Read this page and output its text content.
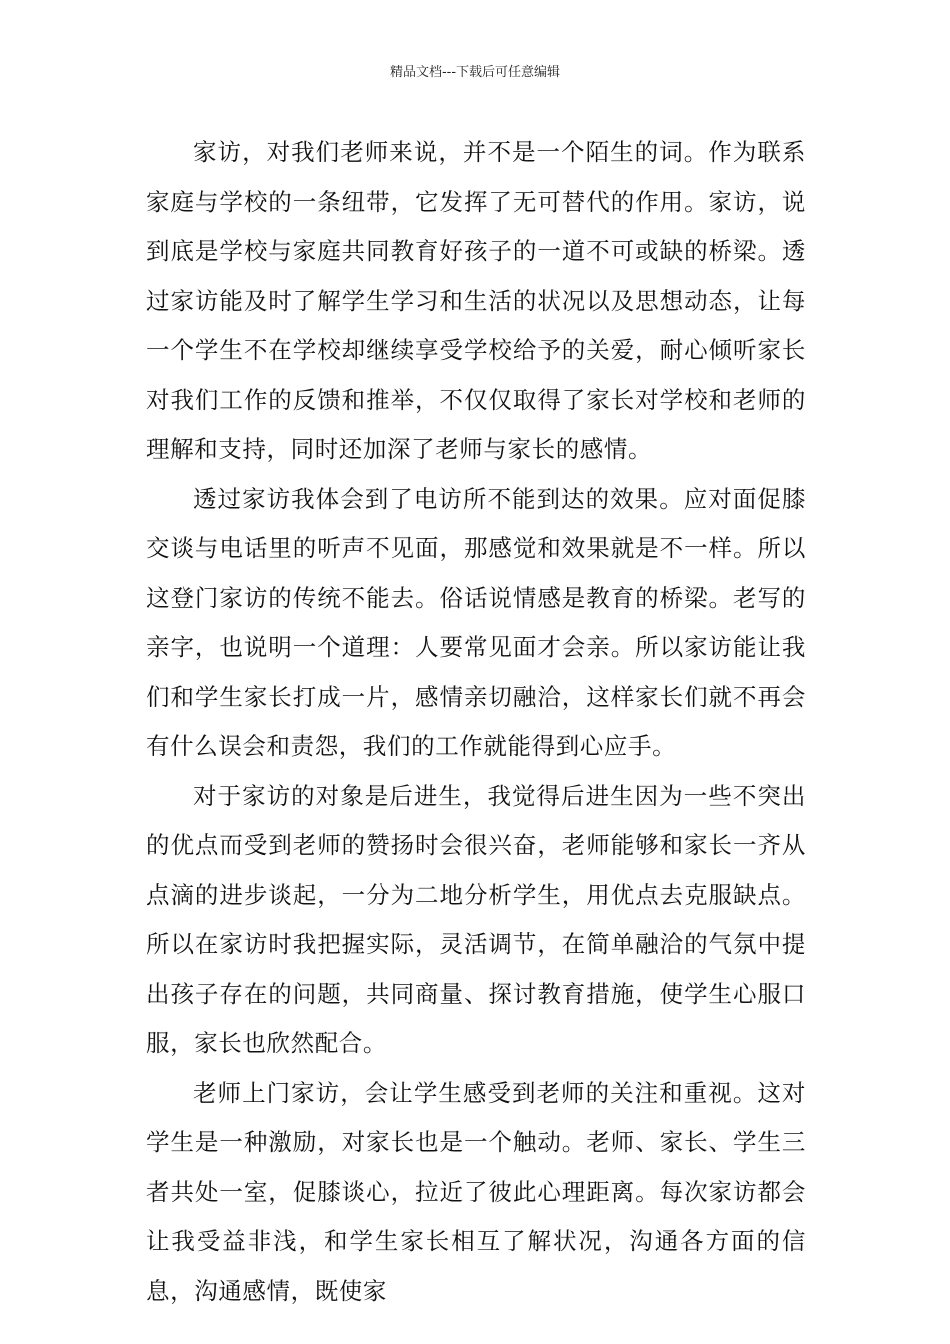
精品文档---下载后可任意编辑

家访，对我们老师来说，并不是一个陌生的词。作为联系家庭与学校的一条纽带，它发挥了无可替代的作用。家访，说到底是学校与家庭共同教育好孩子的一道不可或缺的桥梁。透过家访能及时了解学生学习和生活的状况以及思想动态，让每一个学生不在学校却继续享受学校给予的关爱，耐心倾听家长对我们工作的反馈和推举，不仅仅取得了家长对学校和老师的理解和支持，同时还加深了老师与家长的感情。

透过家访我体会到了电访所不能到达的效果。应对面促膝交谈与电话里的听声不见面，那感觉和效果就是不一样。所以这登门家访的传统不能去。俗话说情感是教育的桥梁。老写的亲字，也说明一个道理：人要常见面才会亲。所以家访能让我们和学生家长打成一片，感情亲切融洽，这样家长们就不再会有什么误会和责怨，我们的工作就能得到心应手。

对于家访的对象是后进生，我觉得后进生因为一些不突出的优点而受到老师的赞扬时会很兴奋，老师能够和家长一齐从点滴的进步谈起，一分为二地分析学生，用优点去克服缺点。所以在家访时我把握实际，灵活调节，在简单融洽的气氛中提出孩子存在的问题，共同商量、探讨教育措施，使学生心服口服，家长也欣然配合。

老师上门家访，会让学生感受到老师的关注和重视。这对学生是一种激励，对家长也是一个触动。老师、家长、学生三者共处一室，促膝谈心，拉近了彼此心理距离。每次家访都会让我受益非浅，和学生家长相互了解状况，沟通各方面的信息，沟通感情，既使家
